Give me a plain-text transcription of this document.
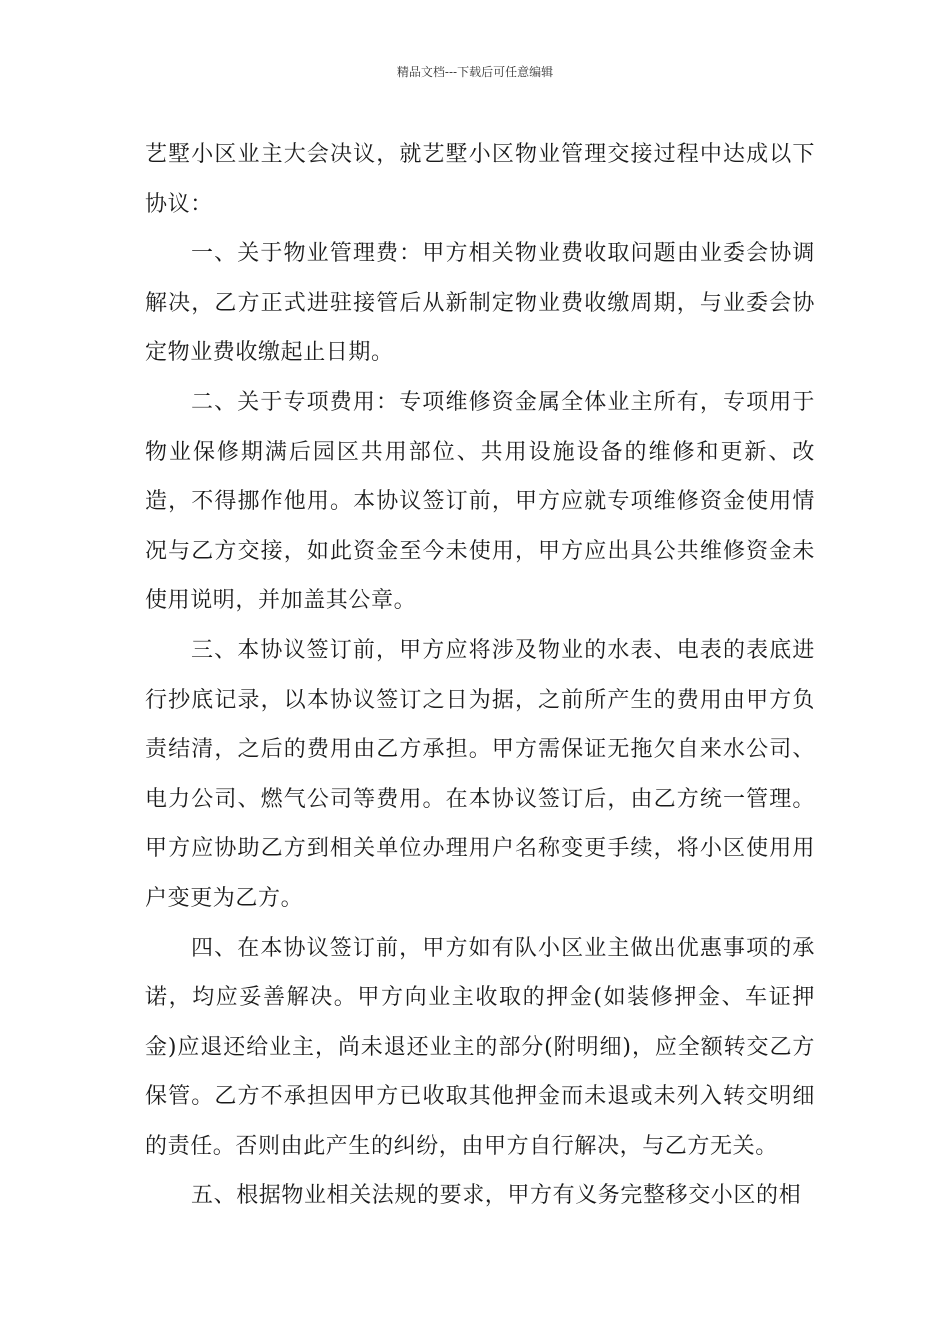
精品文档---下载后可任意编辑

艺墅小区业主大会决议，就艺墅小区物业管理交接过程中达成以下协议：

一、关于物业管理费：甲方相关物业费收取问题由业委会协调解决，乙方正式进驻接管后从新制定物业费收缴周期，与业委会协定物业费收缴起止日期。

二、关于专项费用：专项维修资金属全体业主所有，专项用于物业保修期满后园区共用部位、共用设施设备的维修和更新、改造，不得挪作他用。本协议签订前，甲方应就专项维修资金使用情况与乙方交接，如此资金至今未使用，甲方应出具公共维修资金未使用说明，并加盖其公章。

三、本协议签订前，甲方应将涉及物业的水表、电表的表底进行抄底记录，以本协议签订之日为据，之前所产生的费用由甲方负责结清，之后的费用由乙方承担。甲方需保证无拖欠自来水公司、电力公司、燃气公司等费用。在本协议签订后，由乙方统一管理。甲方应协助乙方到相关单位办理用户名称变更手续，将小区使用用户变更为乙方。

四、在本协议签订前，甲方如有队小区业主做出优惠事项的承诺，均应妥善解决。甲方向业主收取的押金(如装修押金、车证押金)应退还给业主，尚未退还业主的部分(附明细)，应全额转交乙方保管。乙方不承担因甲方已收取其他押金而未退或未列入转交明细的责任。否则由此产生的纠纷，由甲方自行解决，与乙方无关。

五、根据物业相关法规的要求，甲方有义务完整移交小区的相
